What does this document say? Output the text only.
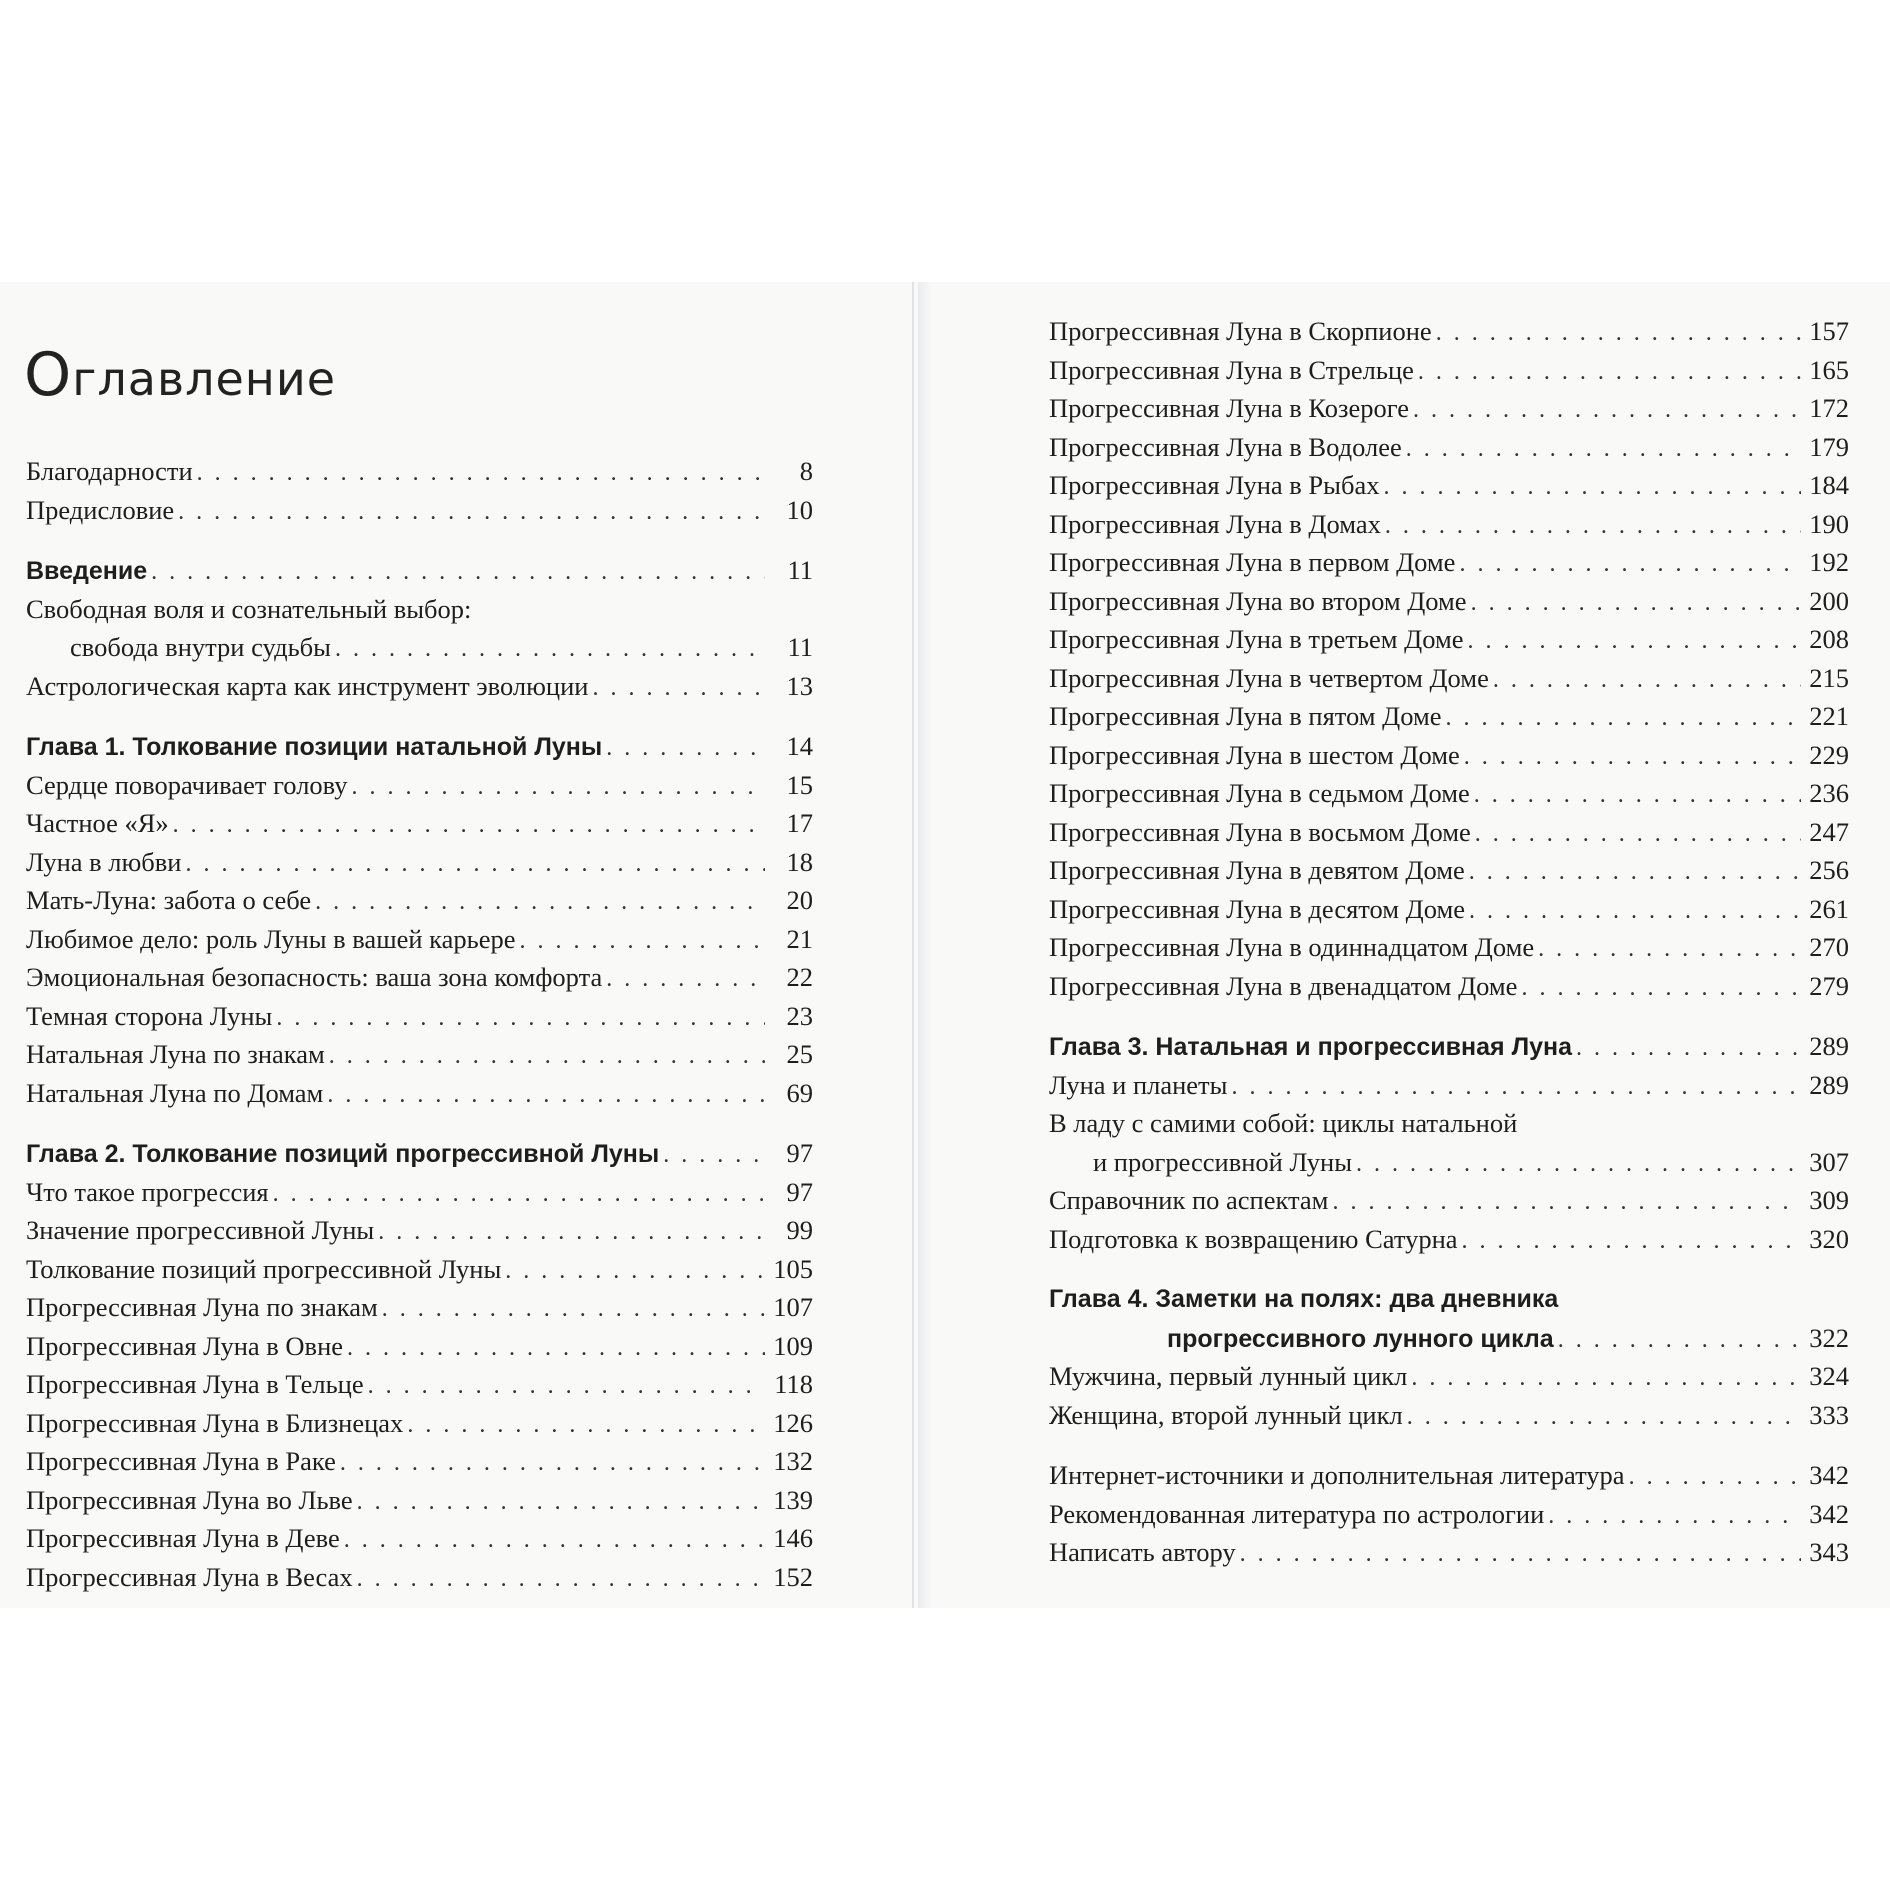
Оглавление
Благодарности . . .	8
Предисловие . . .	10
Введение . . .	11
Свободная воля и сознательный выбор:
свобода внутри судьбы . . .	11
Астрологическая карта как инструмент эволюции . . .	13
Глава 1. Толкование позиции натальной Луны . . .	14
Сердце поворачивает голову . . .	15
Частное «Я» . . .	17
Луна в любви . . .	18
Мать-Луна: забота о себе . . .	20
Любимое дело: роль Луны в вашей карьере . . .	21
Эмоциональная безопасность: ваша зона комфорта . . .	22
Темная сторона Луны . . .	23
Натальная Луна по знакам . . .	25
Натальная Луна по Домам . . .	69
Глава 2. Толкование позиций прогрессивной Луны . . .	97
Что такое прогрессия . . .	97
Значение прогрессивной Луны . . .	99
Толкование позиций прогрессивной Луны . . .	105
Прогрессивная Луна по знакам . . .	107
Прогрессивная Луна в Овне . . .	109
Прогрессивная Луна в Тельце . . .	118
Прогрессивная Луна в Близнецах . . .	126
Прогрессивная Луна в Раке . . .	132
Прогрессивная Луна во Льве . . .	139
Прогрессивная Луна в Деве . . .	146
Прогрессивная Луна в Весах . . .	152
Прогрессивная Луна в Скорпионе . . .	157
Прогрессивная Луна в Стрельце . . .	165
Прогрессивная Луна в Козероге . . .	172
Прогрессивная Луна в Водолее . . .	179
Прогрессивная Луна в Рыбах . . .	184
Прогрессивная Луна в Домах . . .	190
Прогрессивная Луна в первом Доме . . .	192
Прогрессивная Луна во втором Доме . . .	200
Прогрессивная Луна в третьем Доме . . .	208
Прогрессивная Луна в четвертом Доме . . .	215
Прогрессивная Луна в пятом Доме . . .	221
Прогрессивная Луна в шестом Доме . . .	229
Прогрессивная Луна в седьмом Доме . . .	236
Прогрессивная Луна в восьмом Доме . . .	247
Прогрессивная Луна в девятом Доме . . .	256
Прогрессивная Луна в десятом Доме . . .	261
Прогрессивная Луна в одиннадцатом Доме . . .	270
Прогрессивная Луна в двенадцатом Доме . . .	279
Глава 3. Натальная и прогрессивная Луна . . .	289
Луна и планеты . . .	289
В ладу с самими собой: циклы натальной
и прогрессивной Луны . . .	307
Справочник по аспектам . . .	309
Подготовка к возвращению Сатурна . . .	320
Глава 4. Заметки на полях: два дневника
прогрессивного лунного цикла . . .	322
Мужчина, первый лунный цикл . . .	324
Женщина, второй лунный цикл . . .	333
Интернет-источники и дополнительная литература . . .	342
Рекомендованная литература по астрологии . . .	342
Написать автору . . .	343
